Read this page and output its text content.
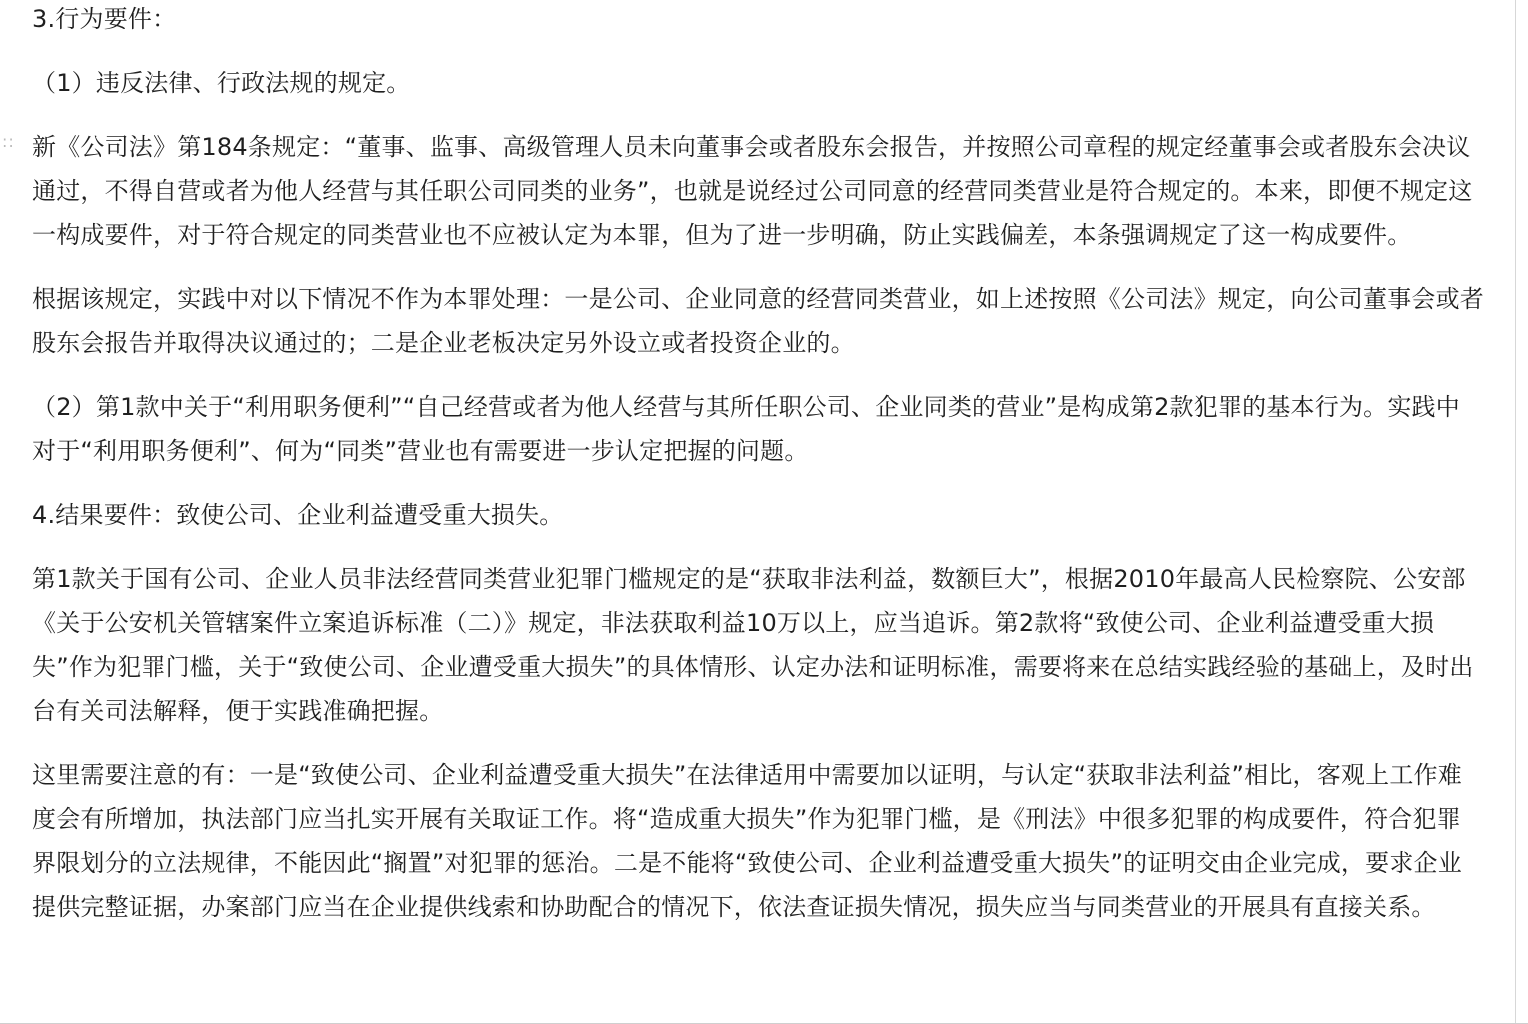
3.行为要件：

（1）违反法律、行政法规的规定。

:: 新《公司法》第184条规定：“董事、监事、高级管理人员未向董事会或者股东会报告，并按照公司章程的规定经董事会或者股东会决议通过，不得自营或者为他人经营与其任职公司同类的业务”，也就是说经过公司同意的经营同类营业是符合规定的。本来，即便不规定这一构成要件，对于符合规定的同类营业也不应被认定为本罪，但为了进一步明确，防止实践偏差，本条强调规定了这一构成要件。

根据该规定，实践中对以下情况不作为本罪处理：一是公司、企业同意的经营同类营业，如上述按照《公司法》规定，向公司董事会或者股东会报告并取得决议通过的；二是企业老板决定另外设立或者投资企业的。

（2）第1款中关于“利用职务便利”“自己经营或者为他人经营与其所任职公司、企业同类的营业”是构成第2款犯罪的基本行为。实践中对于“利用职务便利”、何为“同类”营业也有需要进一步认定把握的问题。

4.结果要件：致使公司、企业利益遭受重大损失。

第1款关于国有公司、企业人员非法经营同类营业犯罪门槛规定的是“获取非法利益，数额巨大”，根据2010年最高人民检察院、公安部《关于公安机关管辖案件立案追诉标准（二）》规定，非法获取利益10万以上，应当追诉。第2款将“致使公司、企业利益遭受重大损失”作为犯罪门槛，关于“致使公司、企业遭受重大损失”的具体情形、认定办法和证明标准，需要将来在总结实践经验的基础上，及时出台有关司法解释，便于实践准确把握。

这里需要注意的有：一是“致使公司、企业利益遭受重大损失”在法律适用中需要加以证明，与认定“获取非法利益”相比，客观上工作难度会有所增加，执法部门应当扎实开展有关取证工作。将“造成重大损失”作为犯罪门槛，是《刑法》中很多犯罪的构成要件，符合犯罪界限划分的立法规律，不能因此“搁置”对犯罪的惩治。二是不能将“致使公司、企业利益遭受重大损失”的证明交由企业完成，要求企业提供完整证据，办案部门应当在企业提供线索和协助配合的情况下，依法查证损失情况，损失应当与同类营业的开展具有直接关系。
